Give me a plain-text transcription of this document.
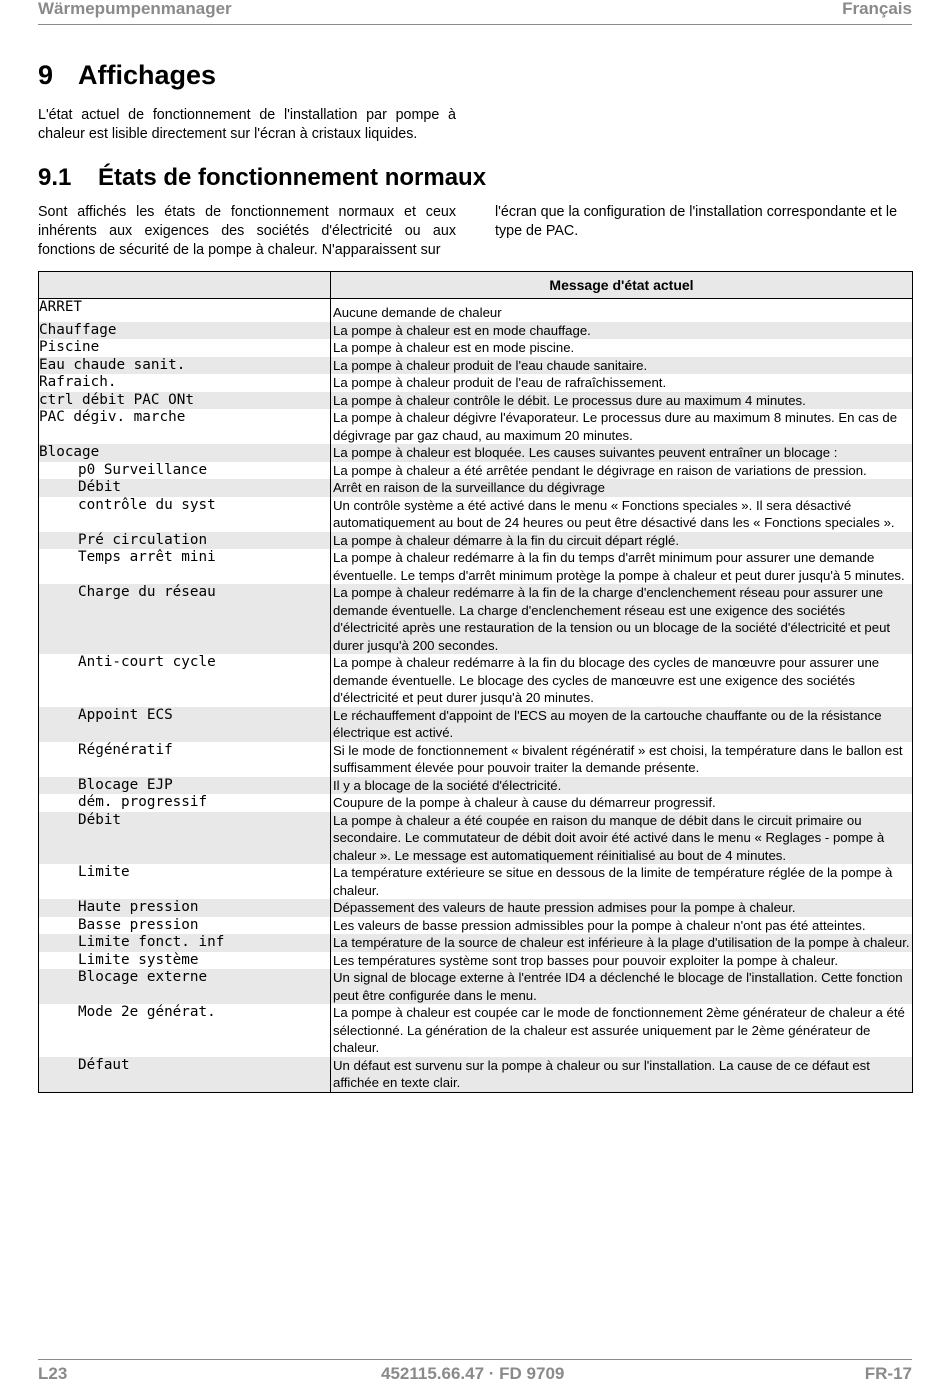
Wärmepumpenmanager	Français
9 Affichages

L'état actuel de fonctionnement de l'installation par pompe à chaleur est lisible directement sur l'écran à cristaux liquides.

9.1 États de fonctionnement normaux

Sont affichés les états de fonctionnement normaux et ceux inhérents aux exigences des sociétés d'électricité ou aux fonctions de sécurité de la pompe à chaleur. N'apparaissent sur

l'écran que la configuration de l'installation correspondante et le type de PAC.

	Message d'état actuel
ARRET	Aucune demande de chaleur
Chauffage	La pompe à chaleur est en mode chauffage.
Piscine	La pompe à chaleur est en mode piscine.
Eau chaude sanit.	La pompe à chaleur produit de l'eau chaude sanitaire.
Rafraich.	La pompe à chaleur produit de l'eau de rafraîchissement.
ctrl débit PAC ONt	La pompe à chaleur contrôle le débit. Le processus dure au maximum 4 minutes.
PAC dégiv. marche	La pompe à chaleur dégivre l'évaporateur. Le processus dure au maximum 8 minutes. En cas de dégivrage par gaz chaud, au maximum 20 minutes.
Blocage	La pompe à chaleur est bloquée. Les causes suivantes peuvent entraîner un blocage :
p0 Surveillance	La pompe à chaleur a été arrêtée pendant le dégivrage en raison de variations de pression.
Débit	Arrêt en raison de la surveillance du dégivrage
contrôle du syst	Un contrôle système a été activé dans le menu « Fonctions speciales ». Il sera désactivé automatiquement au bout de 24 heures ou peut être désactivé dans les « Fonctions speciales ».
Pré circulation	La pompe à chaleur démarre à la fin du circuit départ réglé.
Temps arrêt mini	La pompe à chaleur redémarre à la fin du temps d'arrêt minimum pour assurer une demande éventuelle. Le temps d'arrêt minimum protège la pompe à chaleur et peut durer jusqu'à 5 minutes.
Charge du réseau	La pompe à chaleur redémarre à la fin de la charge d'enclenchement réseau pour assurer une demande éventuelle. La charge d'enclenchement réseau est une exigence des sociétés d'électricité après une restauration de la tension ou un blocage de la société d'électricité et peut durer jusqu'à 200 secondes.
Anti-court cycle	La pompe à chaleur redémarre à la fin du blocage des cycles de manœuvre pour assurer une demande éventuelle. Le blocage des cycles de manœuvre est une exigence des sociétés d'électricité et peut durer jusqu'à 20 minutes.
Appoint ECS	Le réchauffement d'appoint de l'ECS au moyen de la cartouche chauffante ou de la résistance électrique est activé.
Régénératif	Si le mode de fonctionnement « bivalent régénératif » est choisi, la température dans le ballon est suffisamment élevée pour pouvoir traiter la demande présente.
Blocage EJP	Il y a blocage de la société d'électricité.
dém. progressif	Coupure de la pompe à chaleur à cause du démarreur progressif.
Débit	La pompe à chaleur a été coupée en raison du manque de débit dans le circuit primaire ou secondaire. Le commutateur de débit doit avoir été activé dans le menu « Reglages - pompe à chaleur ». Le message est automatiquement réinitialisé au bout de 4 minutes.
Limite	La température extérieure se situe en dessous de la limite de température réglée de la pompe à chaleur.
Haute pression	Dépassement des valeurs de haute pression admises pour la pompe à chaleur.
Basse pression	Les valeurs de basse pression admissibles pour la pompe à chaleur n'ont pas été atteintes.
Limite fonct. inf	La température de la source de chaleur est inférieure à la plage d'utilisation de la pompe à chaleur.
Limite système	Les températures système sont trop basses pour pouvoir exploiter la pompe à chaleur.
Blocage externe	Un signal de blocage externe à l'entrée ID4 a déclenché le blocage de l'installation. Cette fonction peut être configurée dans le menu.
Mode 2e générat.	La pompe à chaleur est coupée car le mode de fonctionnement 2ème générateur de chaleur a été sélectionné. La génération de la chaleur est assurée uniquement par le 2ème générateur de chaleur.
Défaut	Un défaut est survenu sur la pompe à chaleur ou sur l'installation. La cause de ce défaut est affichée en texte clair.
L23	452115.66.47 · FD 9709	FR-17
